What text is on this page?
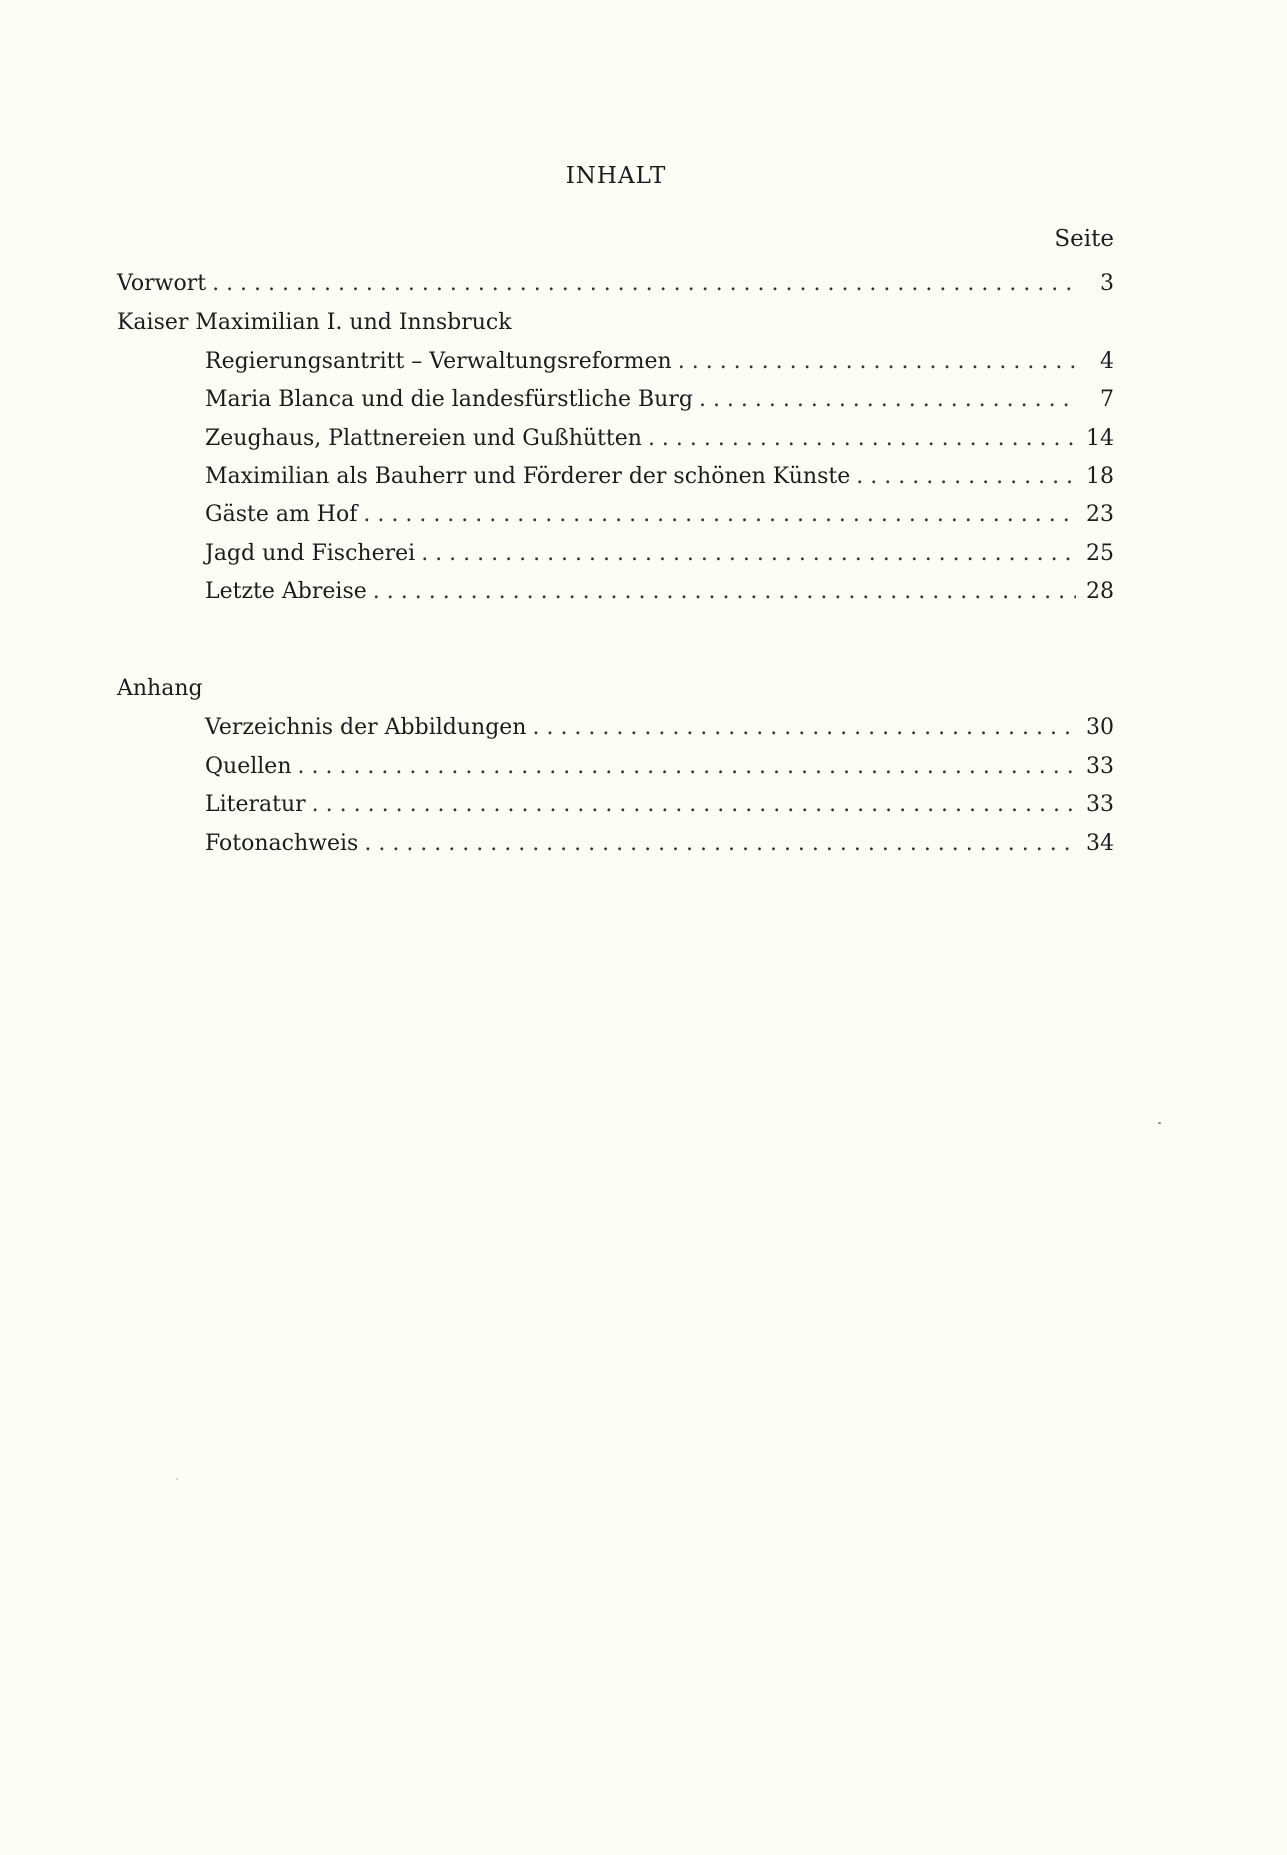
INHALT
Seite
Vorwort . . .	3
Kaiser Maximilian I. und Innsbruck
Regierungsantritt – Verwaltungsreformen . . .	4
Maria Blanca und die landesfürstliche Burg . . .	7
Zeughaus, Plattnereien und Gußhütten . . .	14
Maximilian als Bauherr und Förderer der schönen Künste . . .	18
Gäste am Hof . . .	23
Jagd und Fischerei . . .	25
Letzte Abreise . . .	28
Anhang
Verzeichnis der Abbildungen . . .	30
Quellen . . .	33
Literatur . . .	33
Fotonachweis . . .	34
